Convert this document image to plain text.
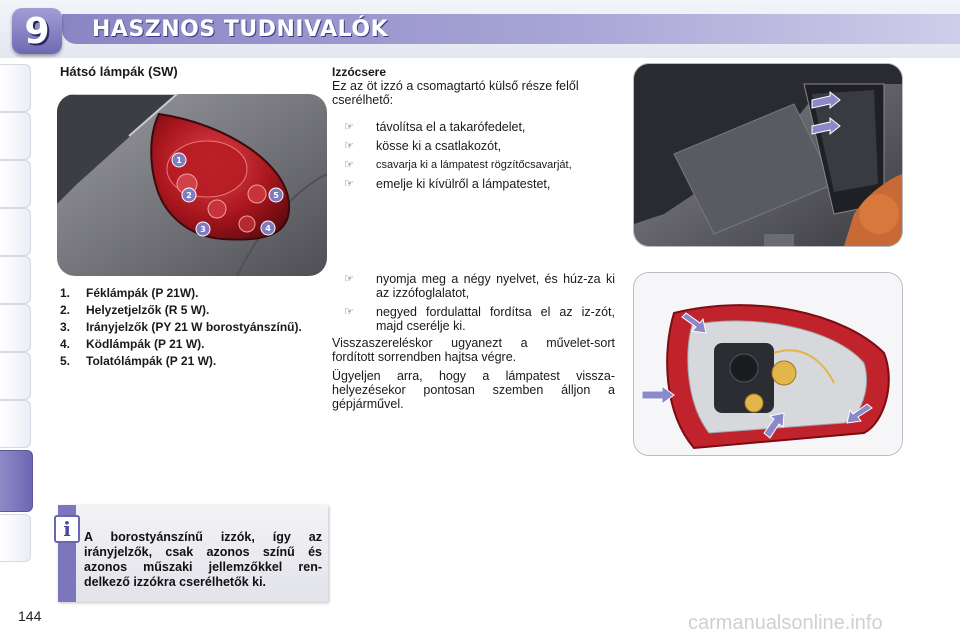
9	HASZNOS TUDNIVALÓK
Hátsó lámpák (SW)
1
2
3	4
5
1.	Féklámpák (P 21W).
2.	Helyzetjelzők (R 5 W).
3.	Irányjelzők (PY 21 W borostyánszínű).
4.	Ködlámpák (P 21 W).
5.	Tolatólámpák (P 21 W).
i	A borostyánszínű izzók, így az irányjelzők, csak azonos színű és azonos műszaki jellemzőkkel ren-delkező izzókra cserélhetők ki.
Izzócsere
Ez az öt izzó a csomagtartó külső része felől cserélhető:
☞	távolítsa el a takarófedelet,
☞	kösse ki a csatlakozót,
☞	csavarja ki a lámpatest rögzítőcsavarját,
☞	emelje ki kívülről a lámpatestet,
☞	nyomja meg a négy nyelvet, és húz-za ki az izzófoglalatot,
☞	negyed fordulattal fordítsa el az iz-zót, majd cserélje ki.
Visszaszereléskor ugyanezt a művelet-sort fordított sorrendben hajtsa végre.
Ügyeljen arra, hogy a lámpatest vissza-helyezésekor pontosan szemben álljon a gépjárművel.
144	carmanualsonline.info
